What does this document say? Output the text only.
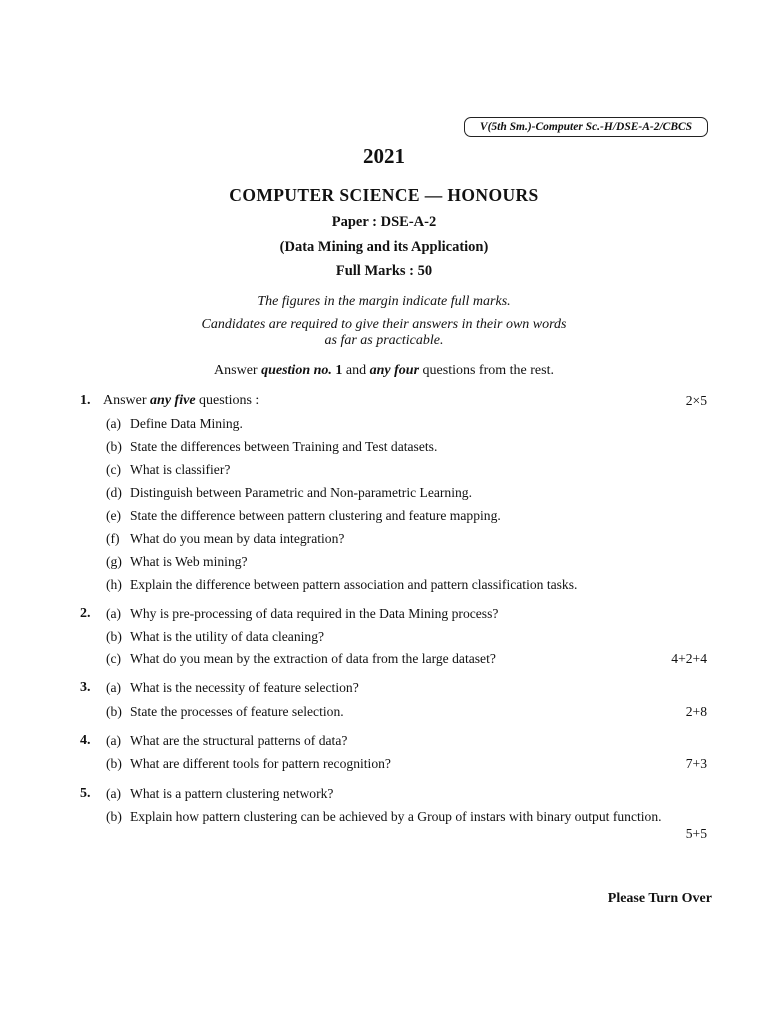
V(5th Sm.)-Computer Sc.-H/DSE-A-2/CBCS
2021
COMPUTER SCIENCE — HONOURS
Paper : DSE-A-2
(Data Mining and its Application)
Full Marks : 50
The figures in the margin indicate full marks.
Candidates are required to give their answers in their own words
as far as practicable.
Answer question no. 1 and any four questions from the rest.
1. Answer any five questions :	2×5
(a) Define Data Mining.
(b) State the differences between Training and Test datasets.
(c) What is classifier?
(d) Distinguish between Parametric and Non-parametric Learning.
(e) State the difference between pattern clustering and feature mapping.
(f) What do you mean by data integration?
(g) What is Web mining?
(h) Explain the difference between pattern association and pattern classification tasks.
2. (a) Why is pre-processing of data required in the Data Mining process?
(b) What is the utility of data cleaning?
(c) What do you mean by the extraction of data from the large dataset?	4+2+4
3. (a) What is the necessity of feature selection?
(b) State the processes of feature selection.	2+8
4. (a) What are the structural patterns of data?
(b) What are different tools for pattern recognition?	7+3
5. (a) What is a pattern clustering network?
(b) Explain how pattern clustering can be achieved by a Group of instars with binary output function.
5+5
Please Turn Over
